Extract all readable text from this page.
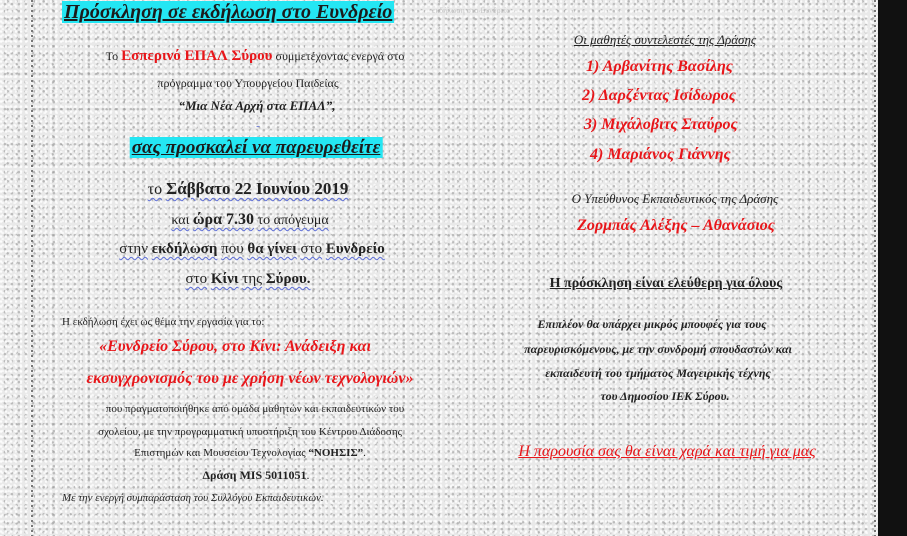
Πρόσκληση σε εκδήλωση στο Ευνδρείο	εκδήλωση στο Ευνδρείο
Το Εσπερινό ΕΠΑΛ Σύρου συμμετέχοντας ενεργά στο
πρόγραμμα του Υπουργείου Παιδείας
“Μια Νέα Αρχή στα ΕΠΑΛ”,
-
σας προσκαλεί να παρευρεθείτε
το Σάββατο 22 Ιουνίου 2019
και ώρα 7.30 το απόγευμα
στην εκδήλωση που θα γίνει στο Ευνδρείο
στο Κίνι της Σύρου.
Η εκδήλωση έχει ως θέμα την εργασία για το:
«Ευνδρείο Σύρου, στο Κίνι: Ανάδειξη και
εκσυγχρονισμός του με χρήση νέων τεχνολογιών»
που πραγματοποιήθηκε από ομάδα μαθητών και εκπαιδευτικών του
σχολείου, με την προγραμματική υποστήριξη του Κέντρου Διάδοσης
Επιστημών και Μουσείου Τεχνολογίας “ΝΟΗΣΙΣ”.
Δράση MIS 5011051.
Με την ενεργή συμπαράσταση του Συλλόγου Εκπαιδευτικών.
Οι μαθητές συντελεστές της Δράσης
1) Αρβανίτης Βασίλης
2) Δαρζέντας Ισίδωρος
3) Μιχάλοβιτς Σταύρος
4) Μαριάνος Γιάννης
Ο Υπεύθυνος Εκπαιδευτικός της Δράσης
Ζορμπάς Αλέξης – Αθανάσιος
Η πρόσκληση είναι ελεύθερη για όλους
Επιπλέον θα υπάρχει μικρός μπουφές για τους
παρευρισκόμενους, με την συνδρομή σπουδαστών και
εκπαιδευτή του τμήματος Μαγειρικής τέχνης
του Δημοσίου ΙΕΚ Σύρου.
Η παρουσία σας θα είναι χαρά και τιμή για μας
